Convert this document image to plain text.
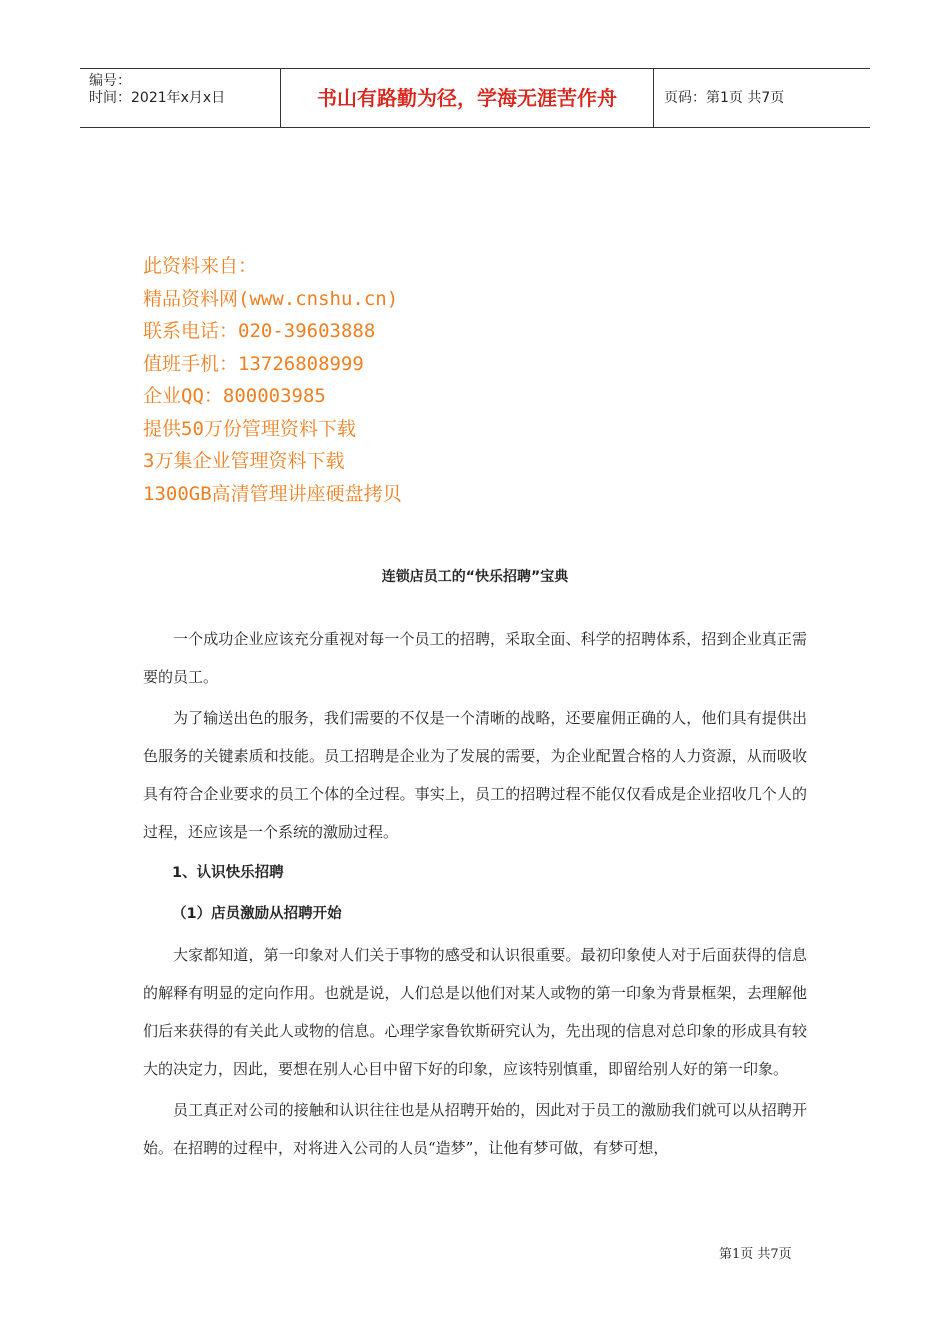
编号：
时间：2021年x月x日	书山有路勤为径，学海无涯苦作舟	页码：第1页 共7页
此资料来自：
精品资料网(www.cnshu.cn)
联系电话：020-39603888
值班手机：13726808999
企业QQ：800003985
提供50万份管理资料下载
3万集企业管理资料下载
1300GB高清管理讲座硬盘拷贝
连锁店员工的“快乐招聘”宝典

一个成功企业应该充分重视对每一个员工的招聘，采取全面、科学的招聘体系，招到企业真正需要的员工。

为了输送出色的服务，我们需要的不仅是一个清晰的战略，还要雇佣正确的人，他们具有提供出色服务的关键素质和技能。员工招聘是企业为了发展的需要，为企业配置合格的人力资源，从而吸收具有符合企业要求的员工个体的全过程。事实上，员工的招聘过程不能仅仅看成是企业招收几个人的过程，还应该是一个系统的激励过程。

1、认识快乐招聘

（1）店员激励从招聘开始

大家都知道，第一印象对人们关于事物的感受和认识很重要。最初印象使人对于后面获得的信息的解释有明显的定向作用。也就是说，人们总是以他们对某人或物的第一印象为背景框架，去理解他们后来获得的有关此人或物的信息。心理学家鲁钦斯研究认为，先出现的信息对总印象的形成具有较大的决定力，因此，要想在别人心目中留下好的印象，应该特别慎重，即留给别人好的第一印象。

员工真正对公司的接触和认识往往也是从招聘开始的，因此对于员工的激励我们就可以从招聘开始。在招聘的过程中，对将进入公司的人员“造梦”，让他有梦可做，有梦可想，

第1页 共7页
